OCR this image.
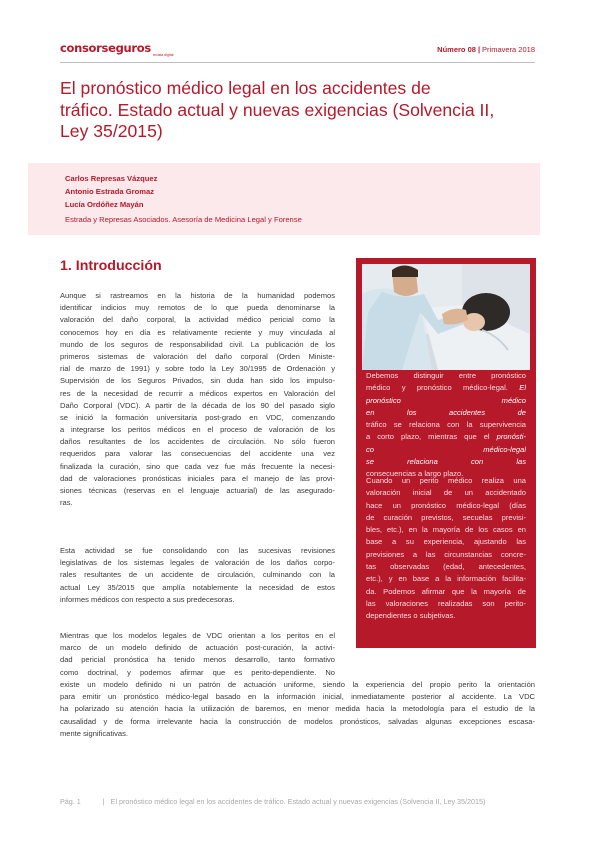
consorseguros revista digital
Número 08 | Primavera 2018
El pronóstico médico legal en los accidentes de
tráfico. Estado actual y nuevas exigencias (Solvencia II,
Ley 35/2015)
Carlos Represas Vázquez
Antonio Estrada Gromaz
Lucía Ordóñez Mayán
Estrada y Represas Asociados. Asesoría de Medicina Legal y Forense
1. Introducción
Aunque si rastreamos en la historia de la humanidad podemos
identificar indicios muy remotos de lo que pueda denominarse la
valoración del daño corporal, la actividad médico pericial como la
conocemos hoy en día es relativamente reciente y muy vinculada al
mundo de los seguros de responsabilidad civil. La publicación de los
primeros sistemas de valoración del daño corporal (Orden Ministe-
rial de marzo de 1991) y sobre todo la Ley 30/1995 de Ordenación y
Supervisión de los Seguros Privados, sin duda han sido los impulso-
res de la necesidad de recurrir a médicos expertos en Valoración del
Daño Corporal (VDC). A partir de la década de los 90 del pasado siglo
se inició la formación universitaria post-grado en VDC, comenzando
a integrarse los peritos médicos en el proceso de valoración de los
daños resultantes de los accidentes de circulación. No sólo fueron
requeridos para valorar las consecuencias del accidente una vez
finalizada la curación, sino que cada vez fue más frecuente la necesi-
dad de valoraciones pronósticas iniciales para el manejo de las provi-
siones técnicas (reservas en el lenguaje actuarial) de las asegurado-
ras.
Esta actividad se fue consolidando con las sucesivas revisiones
legislativas de los sistemas legales de valoración de los daños corpo-
rales resultantes de un accidente de circulación, culminando con la
actual Ley 35/2015 que amplía notablemente la necesidad de estos
informes médicos con respecto a sus predecesoras.
Mientras que los modelos legales de VDC orientan a los peritos en el
marco de un modelo definido de actuación post-curación, la activi-
dad pericial pronóstica ha tenido menos desarrollo, tanto formativo
como doctrinal, y podemos afirmar que es perito-dependiente. No
existe un modelo definido ni un patrón de actuación uniforme, siendo la experiencia del propio perito la orientación
para emitir un pronóstico médico-legal basado en la información inicial, inmediatamente posterior al accidente. La VDC
ha polarizado su atención hacia la utilización de baremos, en menor medida hacia la metodología para el estudio de la
causalidad y de forma irrelevante hacia la construcción de modelos pronósticos, salvadas algunas excepciones escasa-
mente significativas.
Debemos distinguir entre pronóstico
médico y pronóstico médico-legal. El
pronóstico médico
en los accidentes de
tráfico se relaciona con la supervivencia
a corto plazo, mientras que el pronósti-
co médico-legal
se relaciona con las
consecuencias a largo plazo.
Cuando un perito médico realiza una
valoración inicial de un accidentado
hace un pronóstico médico-legal (días
de curación previstos, secuelas previsi-
bles, etc.), en la mayoría de los casos en
base a su experiencia, ajustando las
previsiones a las circunstancias concre-
tas observadas (edad, antecedentes,
etc.), y en base a la información facilita-
da. Podemos afirmar que la mayoría de
las valoraciones realizadas son perito-
dependientes o subjetivas.
Pág. 1	| El pronóstico médico legal en los accidentes de tráfico. Estado actual y nuevas exigencias (Solvencia II, Ley 35/2015)
